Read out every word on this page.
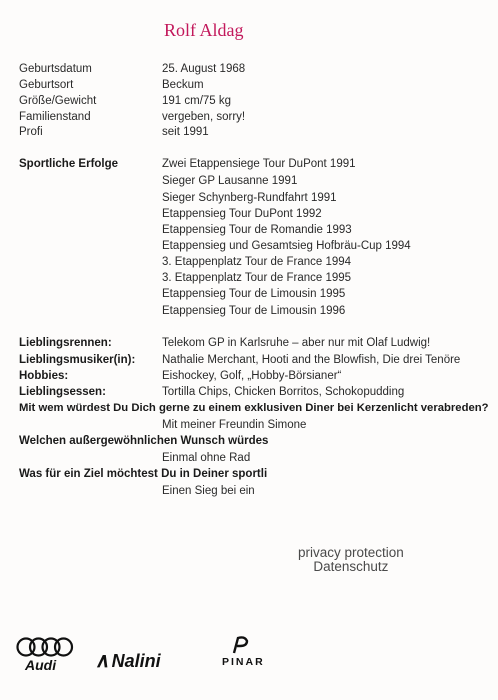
Rolf Aldag
Geburtsdatum	25. August 1968
Geburtsort	Beckum
Größe/Gewicht	191 cm/75 kg
Familienstand	vergeben, sorry!
Profi	seit 1991
Sportliche Erfolge	Zwei Etappensiege Tour DuPont 1991
Sieger GP Lausanne 1991
Sieger Schynberg-Rundfahrt 1991
Etappensieg Tour DuPont 1992
Etappensieg Tour de Romandie 1993
Etappensieg und Gesamtsieg Hofbräu-Cup 1994
3. Etappenplatz Tour de France 1994
3. Etappenplatz Tour de France 1995
Etappensieg Tour de Limousin 1995
Etappensieg Tour de Limousin 1996
Lieblingsrennen:	Telekom GP in Karlsruhe – aber nur mit Olaf Ludwig!
Lieblingsmusiker(in): Nathalie Merchant, Hooti and the Blowfish, Die drei Tenöre
Hobbies:	Eishockey, Golf, „Hobby-Börsianer“
Lieblingsessen:	Tortilla Chips, Chicken Borritos, Schokopudding
Mit wem würdest Du Dich gerne zu einem exklusiven Diner bei Kerzenlicht verabreden?
Mit meiner Freundin Simone
Welchen außergewöhnlichen Wunsch würdes
Einmal ohne Rad
Was für ein Ziel möchtest Du in Deiner sportli
Einen Sieg bei ein
privacy protection
Datenschutz
Audi ∧Nalini	PINAR
